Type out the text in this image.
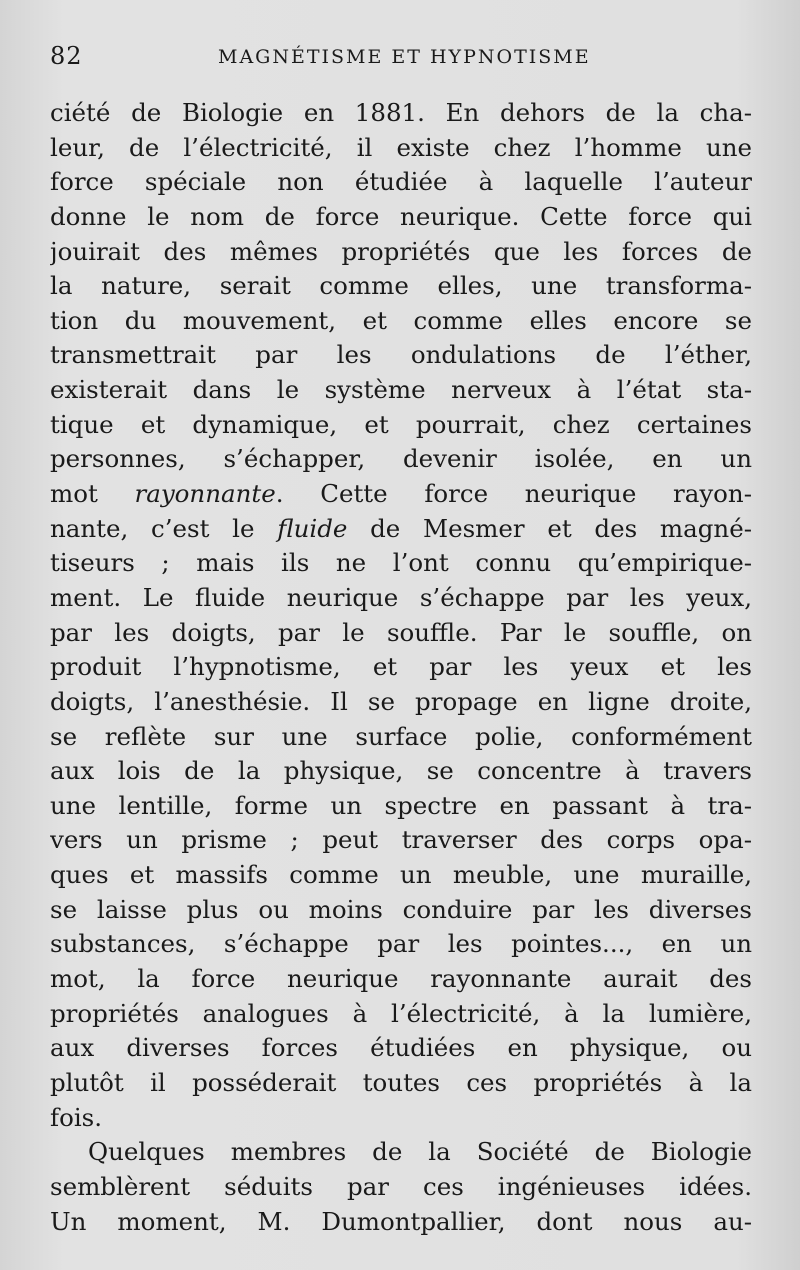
82	MAGNÉTISME ET HYPNOTISME
ciété de Biologie en 1881. En dehors de la cha-
leur, de l’électricité, il existe chez l’homme une
force spéciale non étudiée à laquelle l’auteur
donne le nom de force neurique. Cette force qui
jouirait des mêmes propriétés que les forces de
la nature, serait comme elles, une transforma-
tion du mouvement, et comme elles encore se
transmettrait par les ondulations de l’éther,
existerait dans le système nerveux à l’état sta-
tique et dynamique, et pourrait, chez certaines
personnes, s’échapper, devenir isolée, en un
mot rayonnante. Cette force neurique rayon-
nante, c’est le fluide de Mesmer et des magné-
tiseurs ; mais ils ne l’ont connu qu’empirique-
ment. Le fluide neurique s’échappe par les yeux,
par les doigts, par le souffle. Par le souffle, on
produit l’hypnotisme, et par les yeux et les
doigts, l’anesthésie. Il se propage en ligne droite,
se reflète sur une surface polie, conformément
aux lois de la physique, se concentre à travers
une lentille, forme un spectre en passant à tra-
vers un prisme ; peut traverser des corps opa-
ques et massifs comme un meuble, une muraille,
se laisse plus ou moins conduire par les diverses
substances, s’échappe par les pointes..., en un
mot, la force neurique rayonnante aurait des
propriétés analogues à l’électricité, à la lumière,
aux diverses forces étudiées en physique, ou
plutôt il posséderait toutes ces propriétés à la
fois.
Quelques membres de la Société de Biologie
semblèrent séduits par ces ingénieuses idées.
Un moment, M. Dumontpallier, dont nous au-
